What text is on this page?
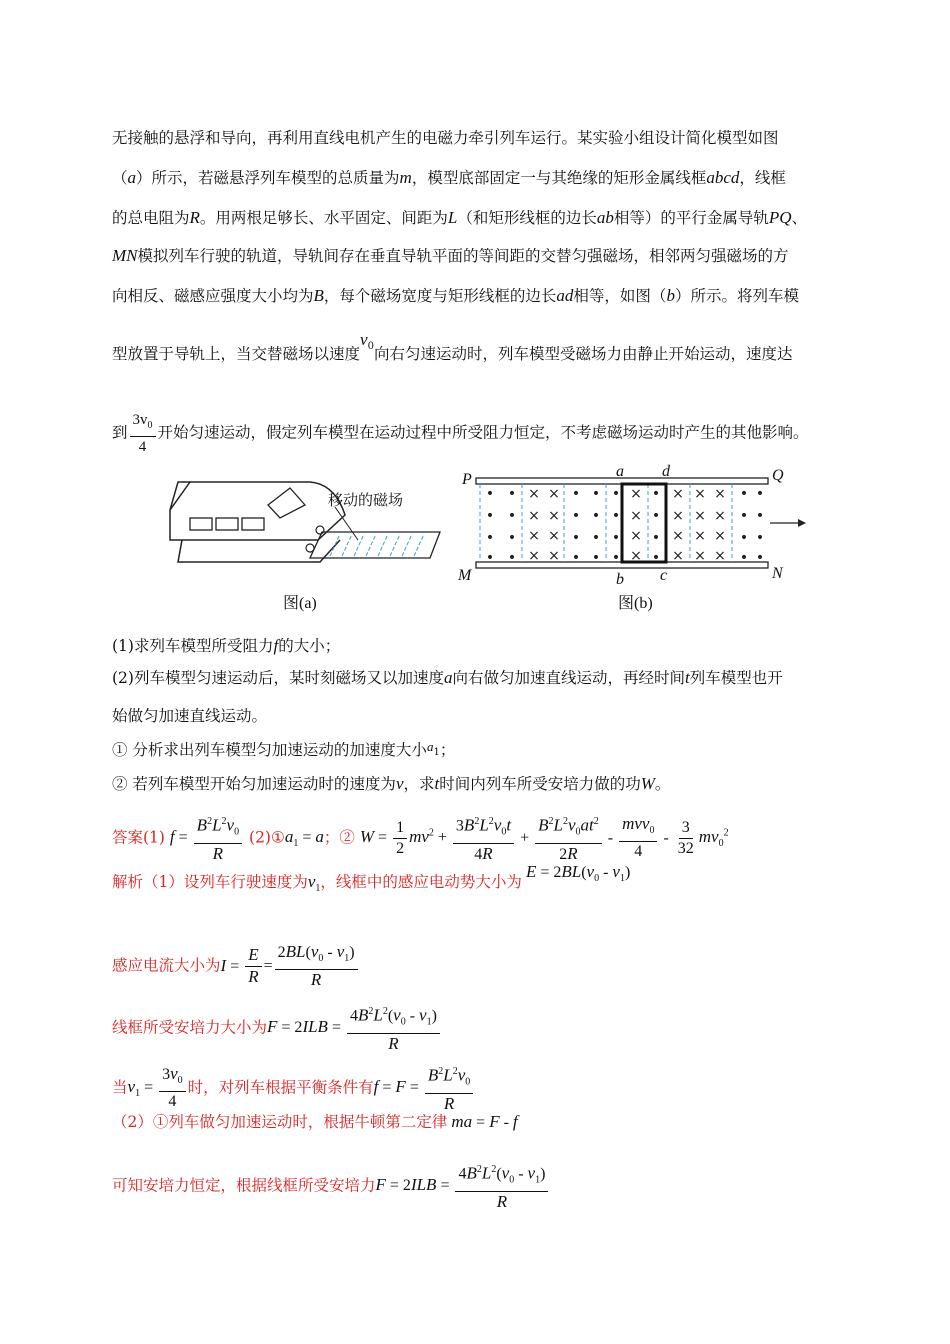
无接触的悬浮和导向，再利用直线电机产生的电磁力牵引列车运行。某实验小组设计简化模型如图
（a）所示，若磁悬浮列车模型的总质量为m，模型底部固定一与其绝缘的矩形金属线框abcd，线框
的总电阻为R。用两根足够长、水平固定、间距为L（和矩形线框的边长ab相等）的平行金属导轨PQ、
MN模拟列车行驶的轨道，导轨间存在垂直导轨平面的等间距的交替匀强磁场，相邻两匀强磁场的方
向相反、磁感应强度大小均为B，每个磁场宽度与矩形线框的边长ad相等，如图（b）所示。将列车模
型放置于导轨上，当交替磁场以速度$v_0$向右匀速运动时，列车模型受磁场力由静止开始运动，速度达
到 $\frac{3v_0}{4}$ 开始匀速运动，假定列车模型在运动过程中所受阻力恒定，不考虑磁场运动时产生的其他影响。
移动的磁场
图(a)
• •
• •
• •
• •
× ×
× ×
× ×
× ×
• •
• •
• •
• •
•
•
•
•
×
×
×
×
•
•
•
•
×
×
×
×
× ×
× ×
× ×
× ×
• •
• •
• •
• •
P	Q
M	N
a d
b c
图(b)
(1)求列车模型所受阻力f的大小；
(2)列车模型匀速运动后，某时刻磁场又以加速度a向右做匀加速直线运动，再经时间t列车模型也开
始做匀加速直线运动。
① 分析求出列车模型匀加速运动的加速度大小$^a_1$；
② 若列车模型开始匀加速运动时的速度为v，求t时间内列车所受安培力做的功W。
答案(1) $f = \frac{B^2L^2v_0}{R}$ $(2)①a_1 = a$；② $W = \frac{1}{2} mv^2 + \frac{3B^2L^2v_0t}{4R} + \frac{B^2L^2v_0at^2}{2R} - \frac{mvv_0}{4} - \frac{3}{32} mv_0^2$
解析（1）设列车行驶速度为$v_1$，线框中的感应电动势大小为 $E = 2BL(v_0 - v_1)$
感应电流大小为$I = \frac{E}{R} = \frac{2BL(v_0 - v_1)}{R}$
线框所受安培力大小为$F = 2ILB = \frac{4B^2L^2(v_0 - v_1)}{R}$
当$v_1 = \frac{3v_0}{4}$ 时，对列车根据平衡条件有$f = F = \frac{B^2L^2v_0}{R}$
（2）①列车做匀加速运动时，根据牛顿第二定律 ma = F - f
可知安培力恒定，根据线框所受安培力$F = 2ILB = \frac{4B^2L^2(v_0 - v_1)}{R}$
